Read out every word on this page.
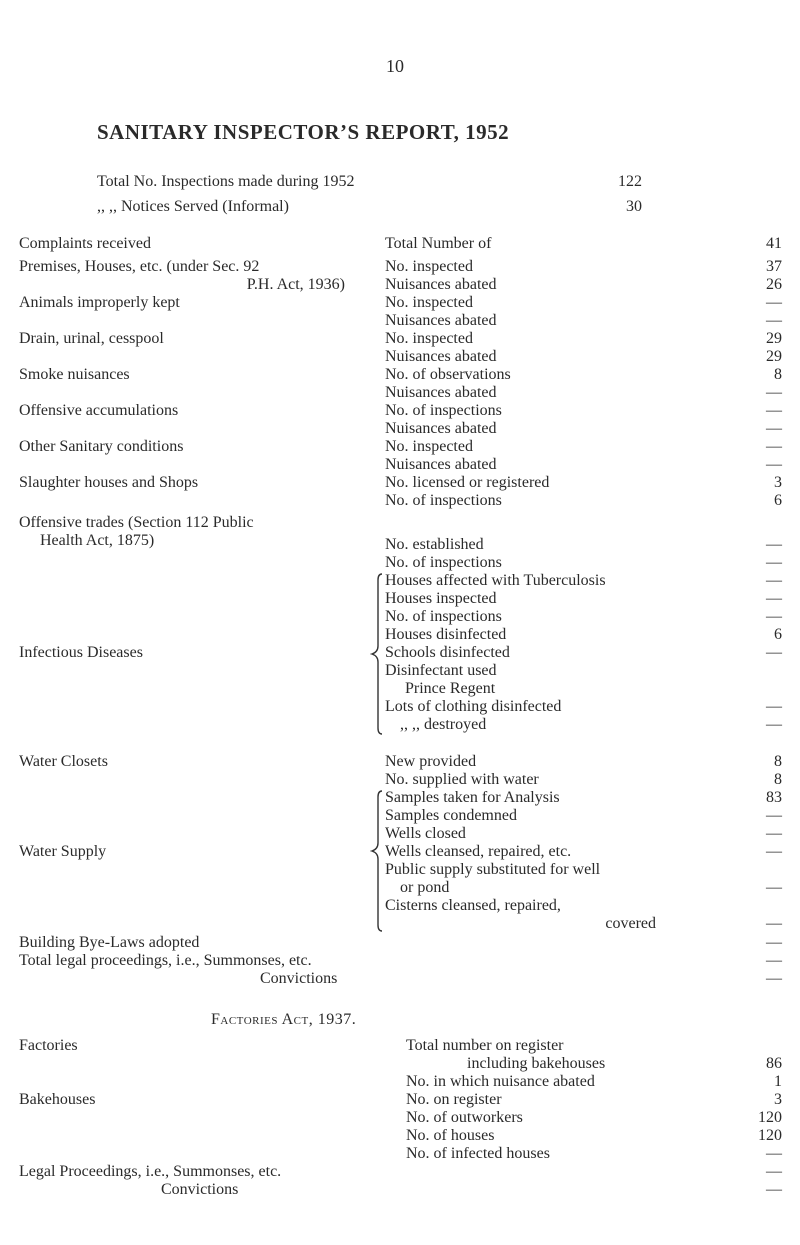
10
SANITARY INSPECTOR’S REPORT, 1952
Total No. Inspections made during 1952	122
,, ,, Notices Served (Informal)	30
Complaints received	Total Number of	41
Premises, Houses, etc. (under Sec. 92
P.H. Act, 1936)
No. inspected	37
Nuisances abated	26
Animals improperly kept	No. inspected	—
Nuisances abated	—
Drain, urinal, cesspool	No. inspected	29
Nuisances abated	29
Smoke nuisances	No. of observations	8
Nuisances abated	—
Offensive accumulations	No. of inspections	—
Nuisances abated	—
Other Sanitary conditions	No. inspected	—
Nuisances abated	—
Slaughter houses and Shops	No. licensed or registered	3
No. of inspections	6
Offensive trades (Section 112 Public
Health Act, 1875)	No. established	—
No. of inspections	—
Infectious Diseases
Houses affected with Tuberculosis	—
Houses inspected	—
No. of inspections	—
Houses disinfected	6
Schools disinfected	—
Disinfectant used
Prince Regent
Lots of clothing disinfected	—
,, ,, destroyed	—
Water Closets	New provided	8
No. supplied with water	8
Water Supply
Samples taken for Analysis	83
Samples condemned	—
Wells closed	—
Wells cleansed, repaired, etc.	—
Public supply substituted for well
or pond	—
Cisterns cleansed, repaired,
covered	—
Building Bye-Laws adopted	—
Total legal proceedings, i.e., Summonses, etc.	—
Convictions	—
Factories Act, 1937.
Factories	Total number on register
including bakehouses	86
No. in which nuisance abated	1
Bakehouses	No. on register	3
No. of outworkers	120
No. of houses	120
No. of infected houses	—
Legal Proceedings, i.e., Summonses, etc.	—
Convictions	—
